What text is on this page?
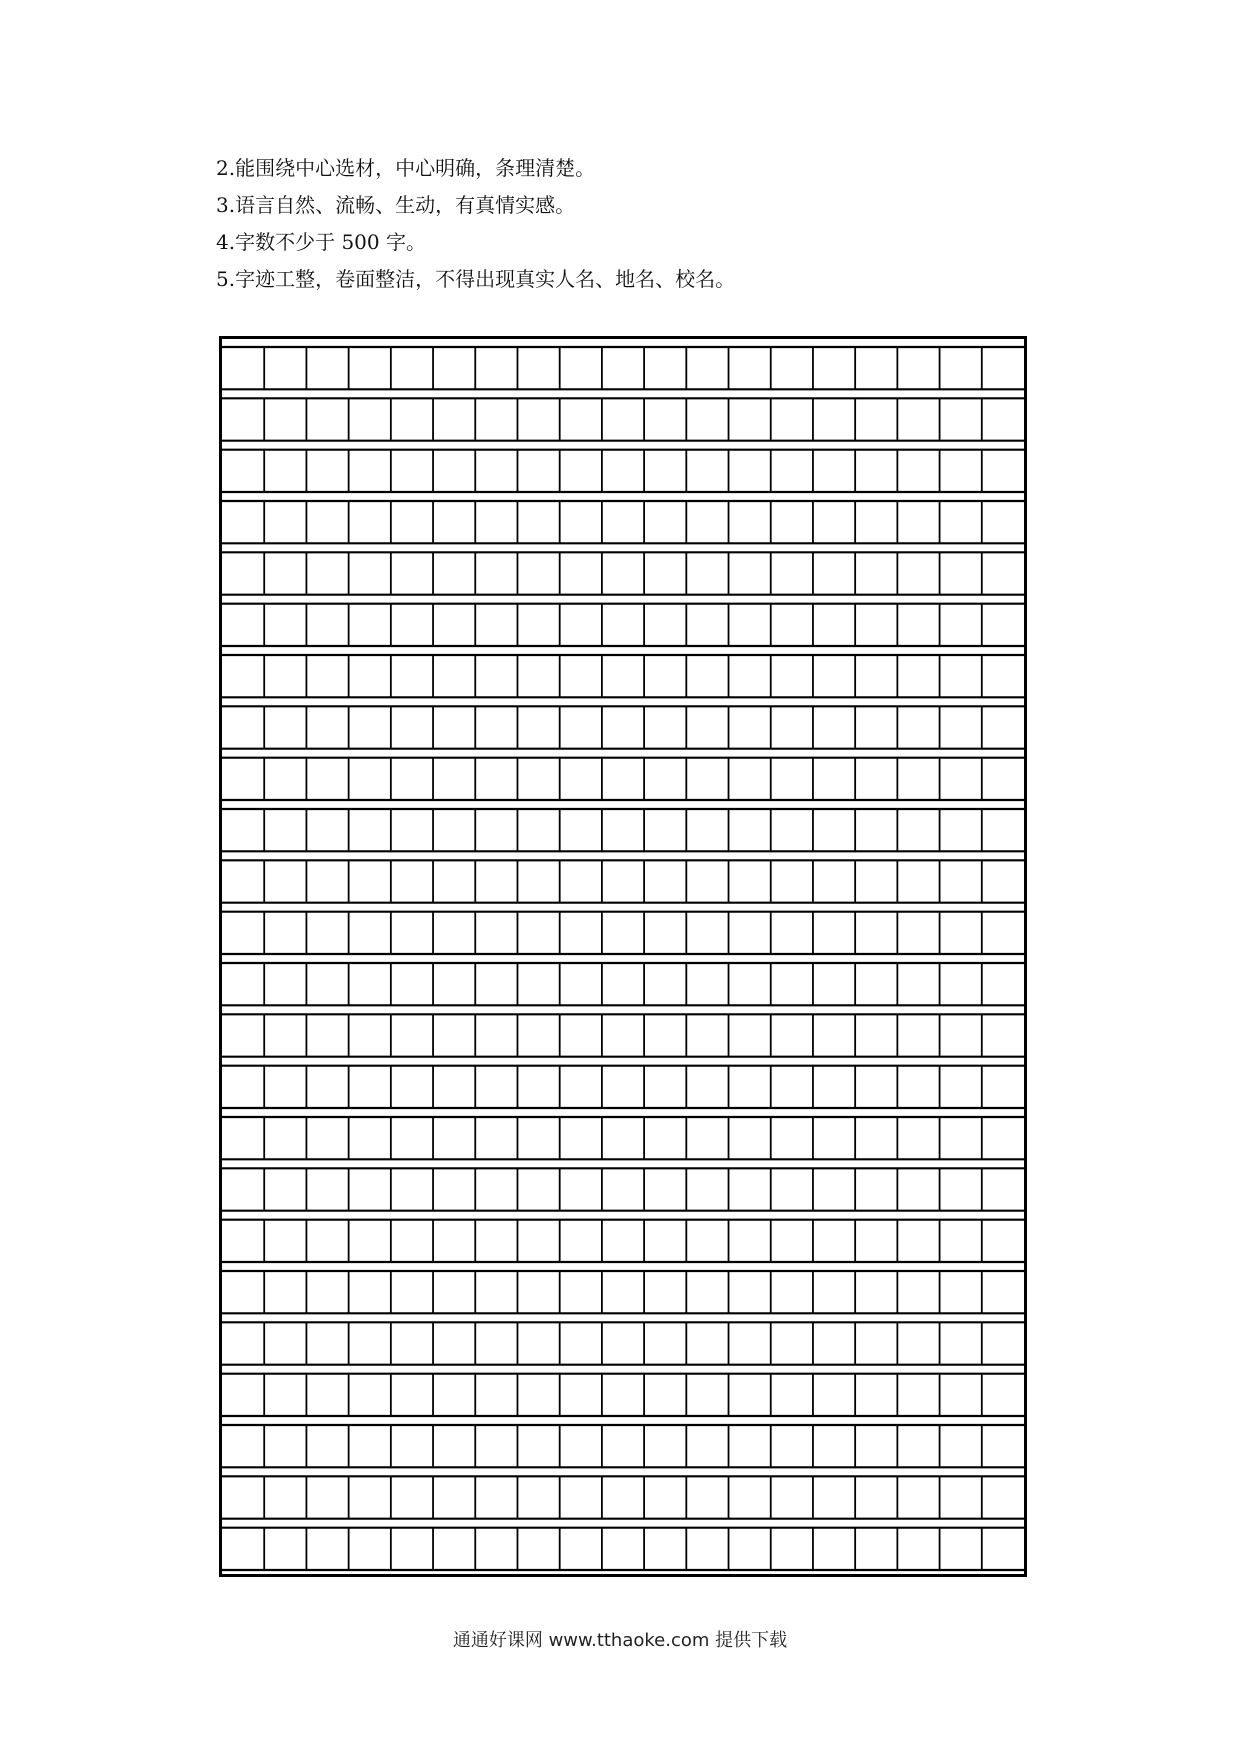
2.能围绕中心选材，中心明确，条理清楚。
3.语言自然、流畅、生动，有真情实感。
4.字数不少于 500 字。
5.字迹工整，卷面整洁，不得出现真实人名、地名、校名。
通通好课网 www.tthaoke.com 提供下载
